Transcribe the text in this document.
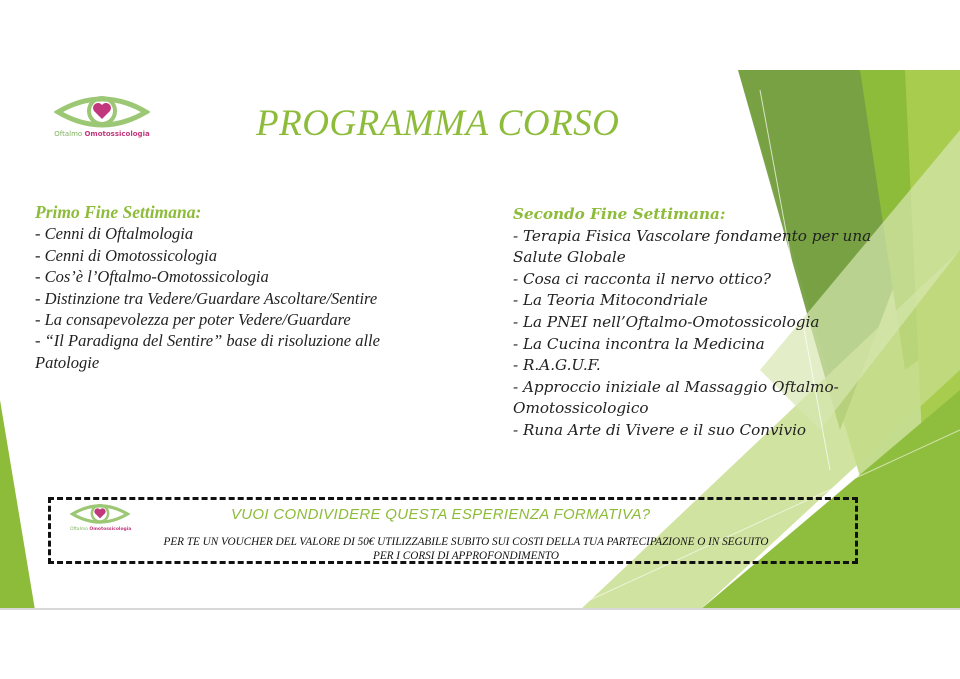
Oftalmo Omotossicologia	PROGRAMMA CORSO
Primo Fine Settimana:
- Cenni di Oftalmologia
- Cenni di Omotossicologia
- Cos’è l’Oftalmo-Omotossicologia
- Distinzione tra Vedere/Guardare Ascoltare/Sentire
- La consapevolezza per poter Vedere/Guardare
- “Il Paradigna del Sentire” base di risoluzione alle
Patologie
Secondo Fine Settimana:
- Terapia Fisica Vascolare fondamento per una
Salute Globale
- Cosa ci racconta il nervo ottico?
- La Teoria Mitocondriale
- La PNEI nell’Oftalmo-Omotossicologia
- La Cucina incontra la Medicina
- R.A.G.U.F.
- Approccio iniziale al Massaggio Oftalmo-
Omotossicologico
- Runa Arte di Vivere e il suo Convivio
VUOI CONDIVIDERE QUESTA ESPERIENZA FORMATIVA?
PER TE UN VOUCHER DEL VALORE DI 50€ UTILIZZABILE SUBITO SUI COSTI DELLA TUA PARTECIPAZIONE O IN SEGUITO
PER I CORSI DI APPROFONDIMENTO
Oftalmo Omotossicologia
